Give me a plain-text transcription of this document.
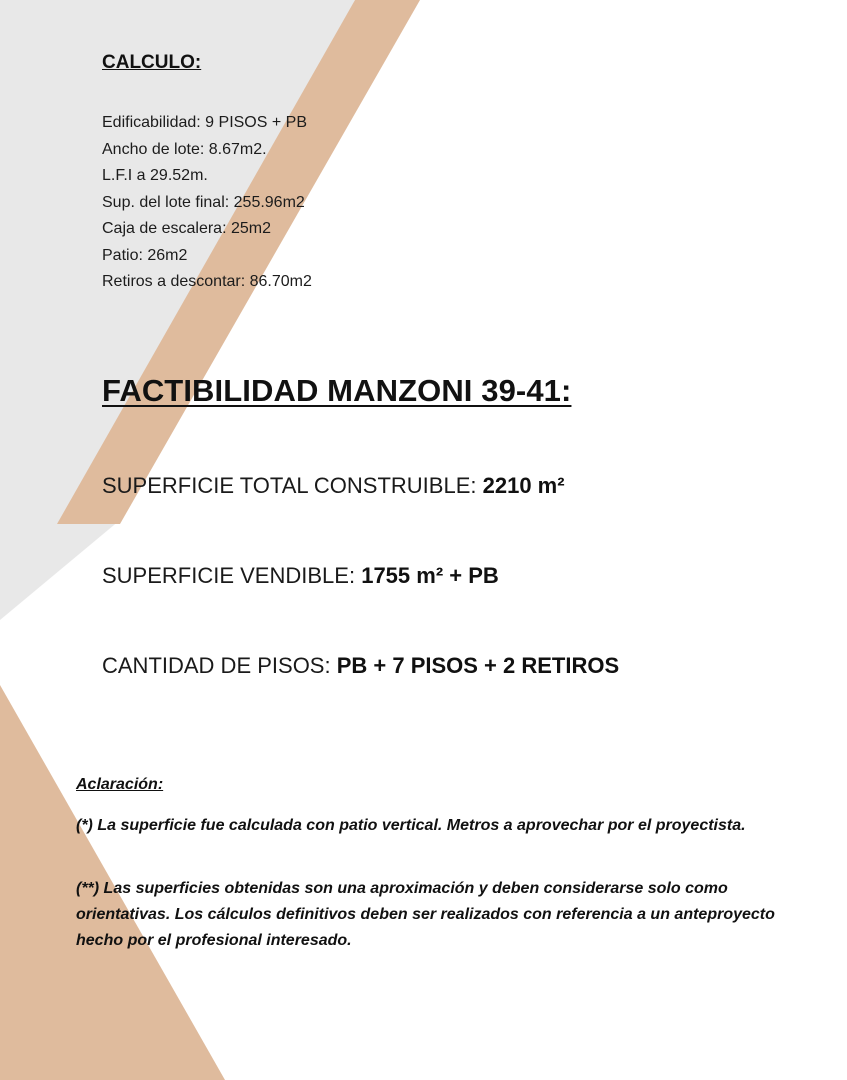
CALCULO:
Edificabilidad: 9 PISOS + PB
Ancho de lote: 8.67m2.
L.F.I a 29.52m.
Sup. del lote final: 255.96m2
Caja de escalera: 25m2
Patio: 26m2
Retiros a descontar: 86.70m2
FACTIBILIDAD MANZONI 39-41:
SUPERFICIE TOTAL CONSTRUIBLE: 2210 m²
SUPERFICIE VENDIBLE: 1755 m² + PB
CANTIDAD DE PISOS: PB + 7 PISOS + 2 RETIROS
Aclaración:

(*) La superficie fue calculada con patio vertical. Metros a aprovechar por el proyectista.

(**) Las superficies obtenidas son una aproximación y deben considerarse solo como orientativas. Los cálculos definitivos deben ser realizados con referencia a un anteproyecto hecho por el profesional interesado.
